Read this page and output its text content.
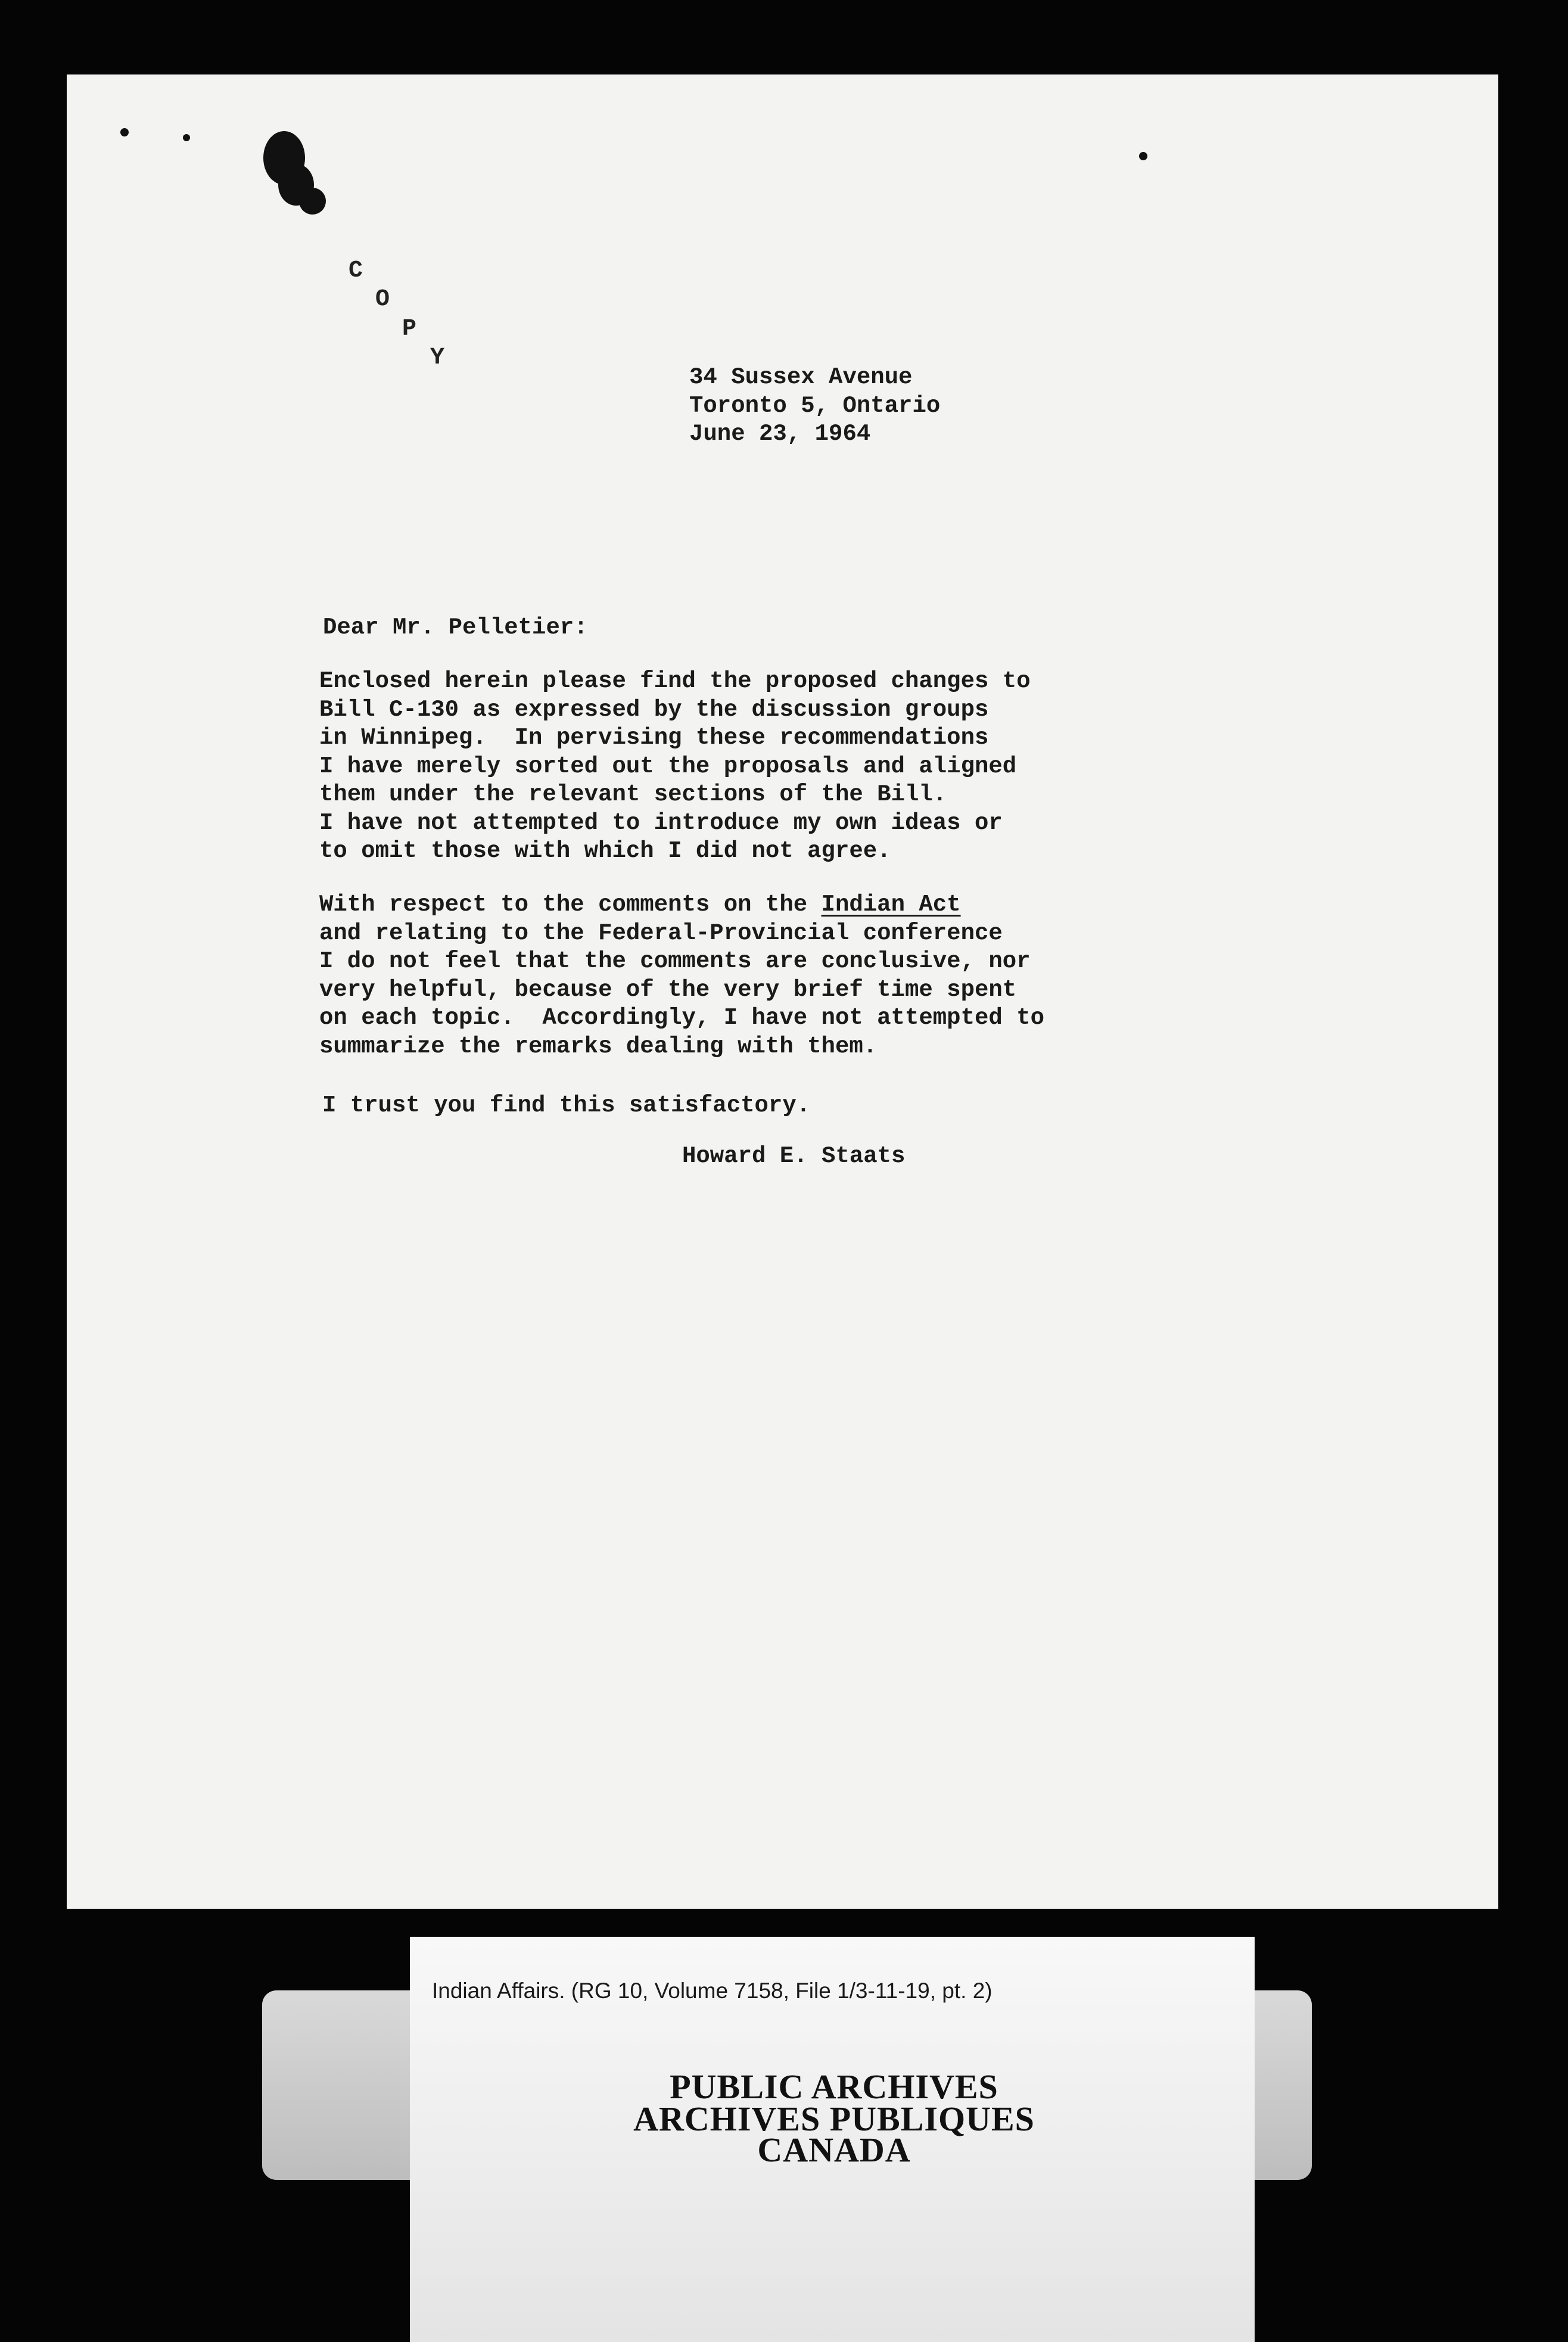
C
O
P
Y
34 Sussex Avenue
Toronto 5, Ontario
June 23, 1964
Dear Mr. Pelletier:
Enclosed herein please find the proposed changes to
Bill C-130 as expressed by the discussion groups
in Winnipeg.  In pervising these recommendations
I have merely sorted out the proposals and aligned
them under the relevant sections of the Bill.
I have not attempted to introduce my own ideas or
to omit those with which I did not agree.
With respect to the comments on the Indian Act
and relating to the Federal-Provincial conference
I do not feel that the comments are conclusive, nor
very helpful, because of the very brief time spent
on each topic.  Accordingly, I have not attempted to
summarize the remarks dealing with them.
I trust you find this satisfactory.
Howard E. Staats
Indian Affairs. (RG 10, Volume 7158, File 1/3-11-19, pt. 2)
PUBLIC ARCHIVES
ARCHIVES PUBLIQUES
CANADA
